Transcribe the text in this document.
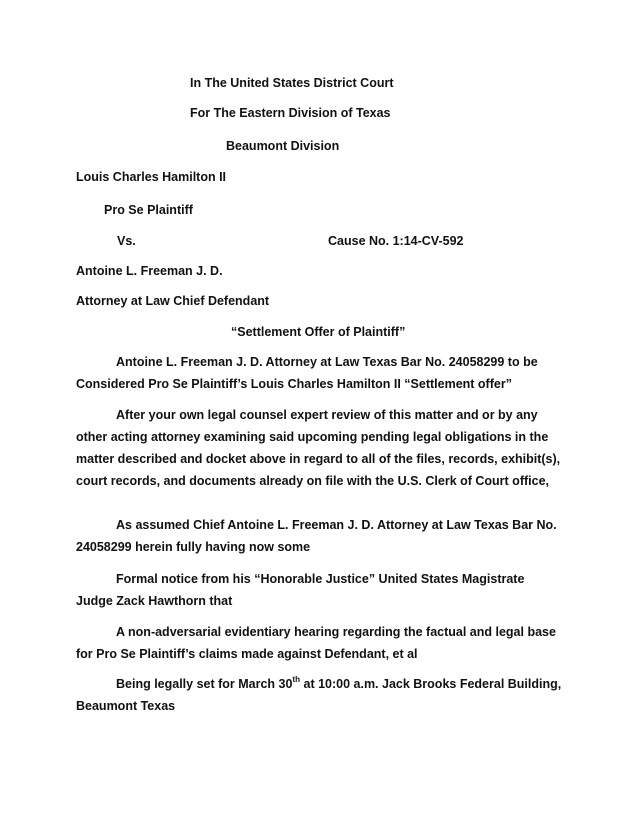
In The United States District Court
For The Eastern Division of Texas
Beaumont Division
Louis Charles Hamilton II
Pro Se Plaintiff
Vs.	Cause No. 1:14-CV-592
Antoine L. Freeman J. D.
Attorney at Law Chief Defendant
“Settlement Offer of Plaintiff”

Antoine L. Freeman J. D. Attorney at Law Texas Bar No. 24058299 to be Considered Pro Se Plaintiff’s Louis Charles Hamilton II “Settlement offer”

After your own legal counsel expert review of this matter and or by any other acting attorney examining said upcoming pending legal obligations in the matter described and docket above in regard to all of the files, records, exhibit(s), court records, and documents already on file with the U.S. Clerk of Court office,

As assumed Chief Antoine L. Freeman J. D. Attorney at Law Texas Bar No. 24058299 herein fully having now some

Formal notice from his “Honorable Justice” United States Magistrate Judge Zack Hawthorn that

A non-adversarial evidentiary hearing regarding the factual and legal base for Pro Se Plaintiff’s claims made against Defendant, et al

Being legally set for March 30th at 10:00 a.m. Jack Brooks Federal Building, Beaumont Texas
